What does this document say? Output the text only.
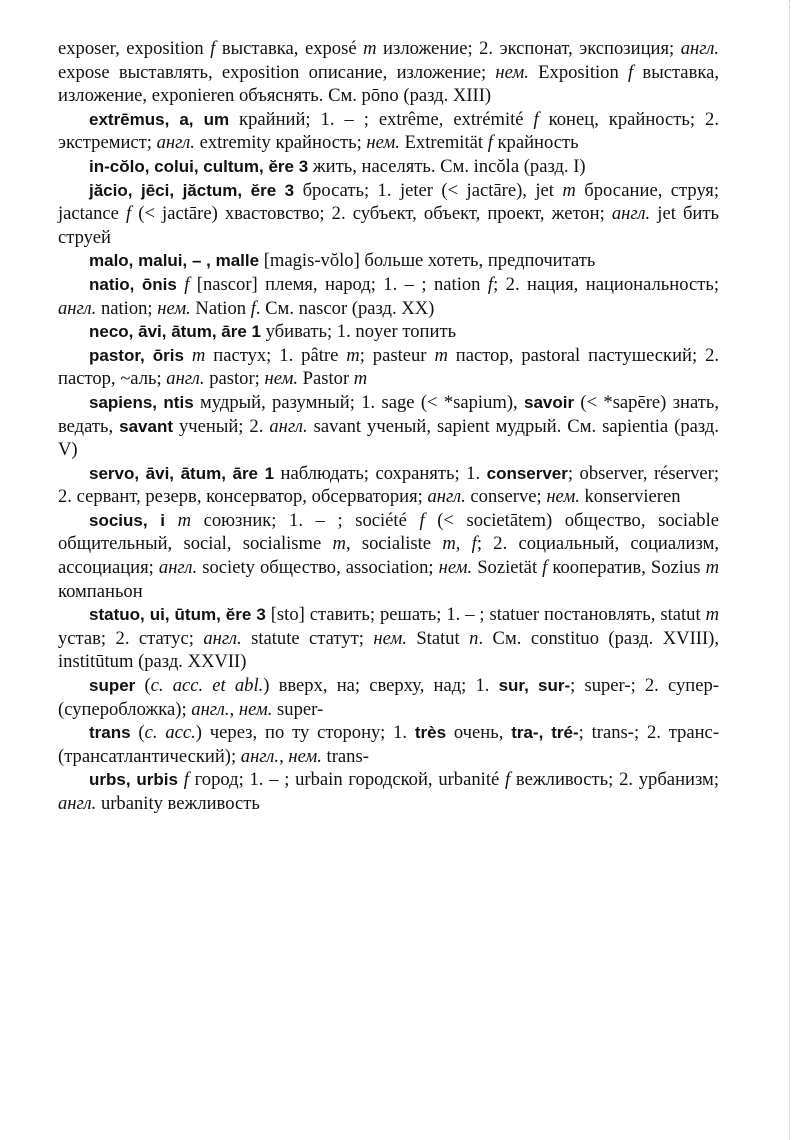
exposer, exposition f выставка, exposé m изложение; 2. экспонат, экспозиция; англ. expose выставлять, exposition описание, изложение; нем. Exposition f выставка, изложение, exponieren объяснять. См. pōno (разд. XIII)

extrēmus, a, um крайний; 1. – ; extrême, extrémité f конец, крайность; 2. экстремист; англ. extremity крайность; нем. Extremität f крайность

in-cŏlo, colui, cultum, ĕre 3 жить, населять. См. incŏla (разд. I)

jăcio, jēci, jăctum, ĕre 3 бросать; 1. jeter (< jactāre), jet m бросание, струя; jactance f (< jactāre) хвастовство; 2. субъект, объект, проект, жетон; англ. jet бить струей

malo, malui, – , malle [magis-vŏlo] больше хотеть, предпочитать

natio, ōnis f [nascor] племя, народ; 1. – ; nation f; 2. нация, национальность; англ. nation; нем. Nation f. См. nascor (разд. XX)

neco, āvi, ātum, āre 1 убивать; 1. noyer топить

pastor, ōris m пастух; 1. pâtre m; pasteur m пастор, pastoral пастушеский; 2. пастор, ~аль; англ. pastor; нем. Pastor m

sapiens, ntis мудрый, разумный; 1. sage (< *sapium), savoir (< *sapēre) знать, ведать, savant ученый; 2. англ. savant ученый, sapient мудрый. См. sapientia (разд. V)

servo, āvi, ātum, āre 1 наблюдать; сохранять; 1. conserver; observer, réserver; 2. сервант, резерв, консерватор, обсерватория; англ. conserve; нем. konservieren

socius, i m союзник; 1. – ; société f (< societātem) общество, sociable общительный, social, socialisme m, socialiste m, f; 2. социальный, социализм, ассоциация; англ. society общество, association; нем. Sozietät f кооператив, Sozius m компаньон

statuo, ui, ūtum, ĕre 3 [sto] ставить; решать; 1. – ; statuer постановлять, statut m устав; 2. статус; англ. statute статут; нем. Statut n. См. constituo (разд. XVIII), institūtum (разд. XXVII)

super (c. acc. et abl.) вверх, на; сверху, над; 1. sur, sur-; super-; 2. супер- (суперобложка); англ., нем. super-

trans (c. acc.) через, по ту сторону; 1. très очень, tra-, tré-; trans-; 2. транс- (трансатлантический); англ., нем. trans-

urbs, urbis f город; 1. – ; urbain городской, urbanité f вежливость; 2. урбанизм; англ. urbanity вежливость
